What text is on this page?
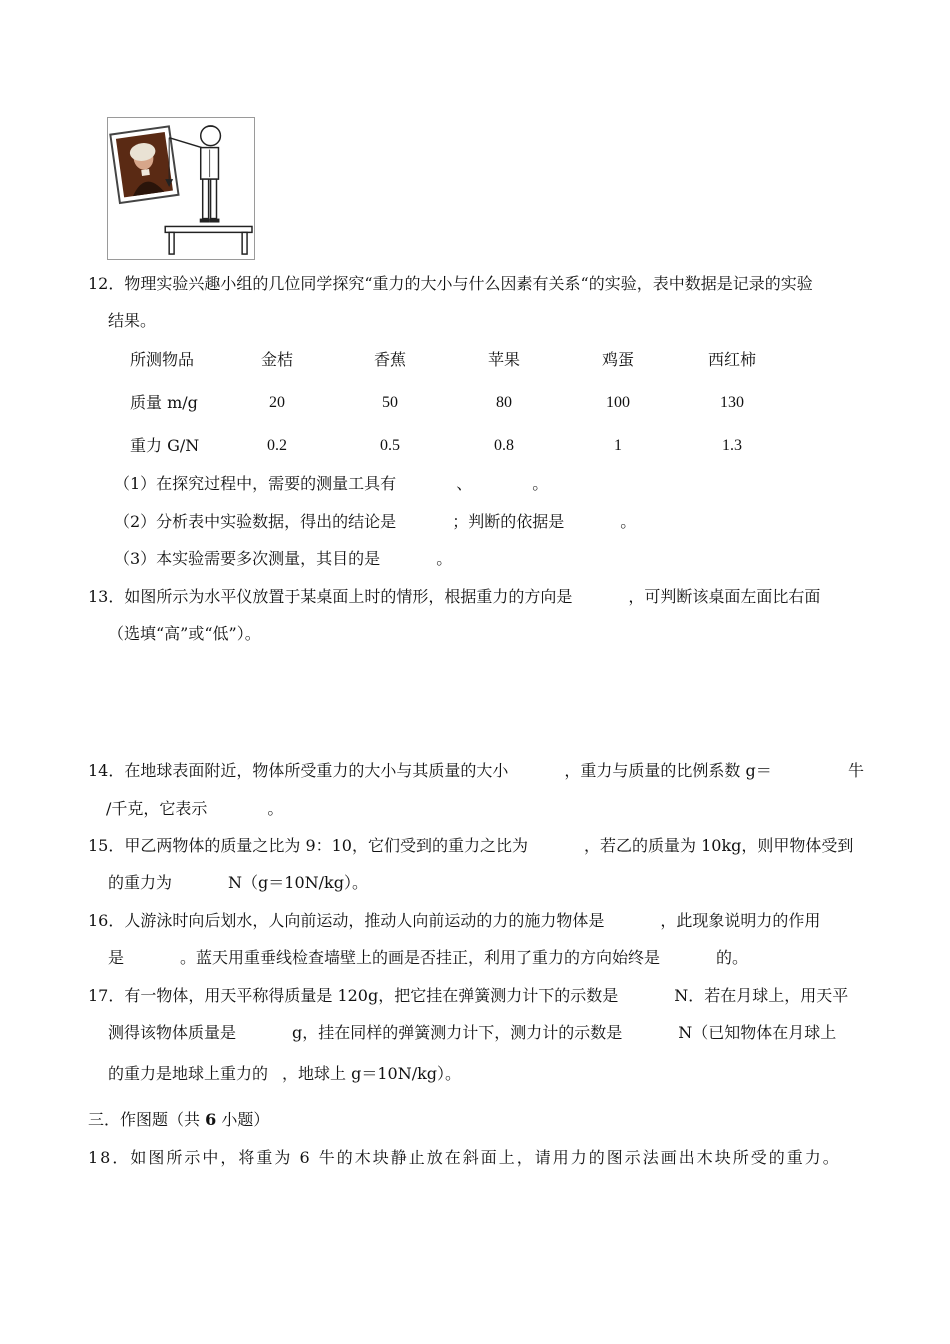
12．物理实验兴趣小组的几位同学探究“重力的大小与什么因素有关系“的实验，表中数据是记录的实验
结果。
所测物品	金桔	香蕉	苹果	鸡蛋	西红柿
质量 m/g	20	50	80	100	130
重力 G/N	0.2	0.5	0.8	1	1.3
（1）在探究过程中，需要的测量工具有	、	。
（2）分析表中实验数据，得出的结论是	；判断的依据是	。
（3）本实验需要多次测量，其目的是	。
13．如图所示为水平仪放置于某桌面上时的情形，根据重力的方向是	，可判断该桌面左面比右面
（选填“高”或“低”）。
14．在地球表面附近，物体所受重力的大小与其质量的大小	，重力与质量的比例系数 g＝	牛
/千克，它表示	。
15．甲乙两物体的质量之比为 9：10，它们受到的重力之比为	，若乙的质量为 10kg，则甲物体受到
的重力为	N（g＝10N/kg）。
16．人游泳时向后划水，人向前运动，推动人向前运动的力的施力物体是	，此现象说明力的作用
是	。蓝天用重垂线检查墙壁上的画是否挂正，利用了重力的方向始终是	的。
17．有一物体，用天平称得质量是 120g，把它挂在弹簧测力计下的示数是	N．若在月球上，用天平
测得该物体质量是	g，挂在同样的弹簧测力计下，测力计的示数是	N（已知物体在月球上
的重力是地球上重力的 ，地球上 g＝10N/kg）。
三．作图题（共 6 小题）
18．如图所示中，将重为 6 牛的木块静止放在斜面上，请用力的图示法画出木块所受的重力。
